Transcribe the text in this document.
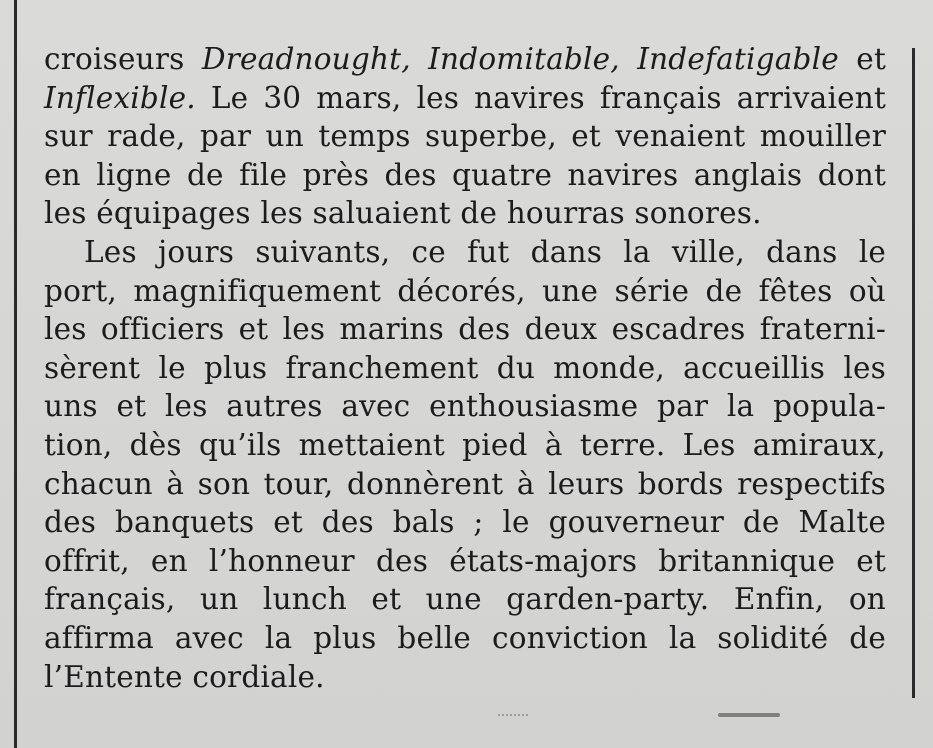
croiseurs Dreadnought, Indomitable, Indefatigable et
Inflexible. Le 30 mars, les navires français arrivaient
sur rade, par un temps superbe, et venaient mouiller
en ligne de file près des quatre navires anglais dont
les équipages les saluaient de hourras sonores.
Les jours suivants, ce fut dans la ville, dans le
port, magnifiquement décorés, une série de fêtes où
les officiers et les marins des deux escadres fraterni-
sèrent le plus franchement du monde, accueillis les
uns et les autres avec enthousiasme par la popula-
tion, dès qu’ils mettaient pied à terre. Les amiraux,
chacun à son tour, donnèrent à leurs bords respectifs
des banquets et des bals ; le gouverneur de Malte
offrit, en l’honneur des états-majors britannique et
français, un lunch et une garden-party. Enfin, on
affirma avec la plus belle conviction la solidité de
l’Entente cordiale.
